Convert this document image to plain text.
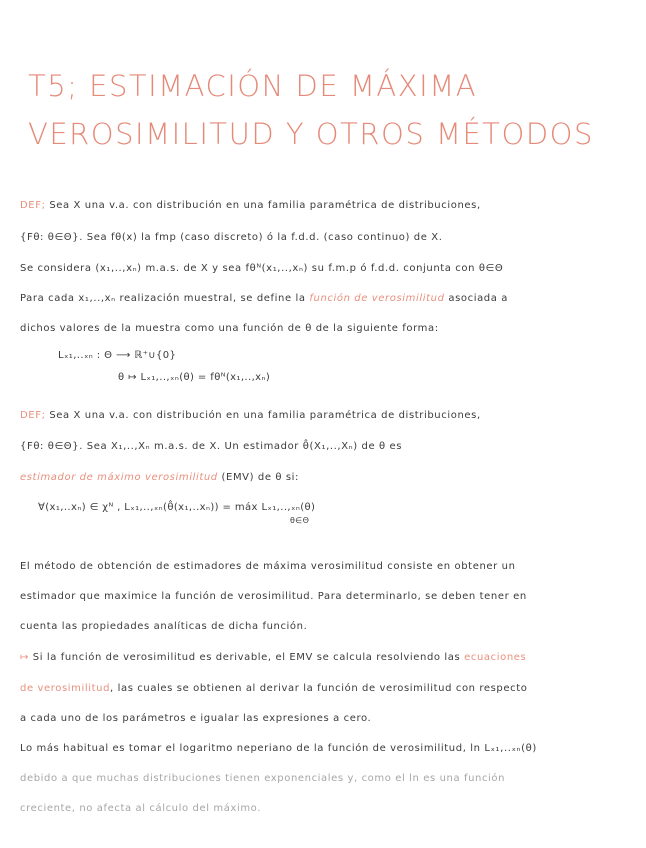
T5; ESTIMACIÓN DE MÁXIMA
VEROSIMILITUD Y OTROS MÉTODOS
DEF; Sea X una v.a. con distribución en una familia paramétrica de distribuciones,
{Fθ: θ∈Θ}. Sea fθ(x) la fmp (caso discreto) ó la f.d.d. (caso continuo) de X.
Se considera (x₁,..,xₙ) m.a.s. de X y sea fθᴺ(x₁,..,xₙ) su f.m.p ó f.d.d. conjunta con θ∈Θ
Para cada x₁,..,xₙ realización muestral, se define la función de verosimilitud asociada a
dichos valores de la muestra como una función de θ de la siguiente forma:
Lₓ₁,..ₓₙ : Θ ⟶ ℝ⁺∪{0}
θ ↦ Lₓ₁,..,ₓₙ(θ) = fθᴺ(x₁,..,xₙ)
DEF; Sea X una v.a. con distribución en una familia paramétrica de distribuciones,
{Fθ: θ∈Θ}. Sea X₁,..,Xₙ m.a.s. de X. Un estimador θ̂(X₁,..,Xₙ) de θ es
estimador de máximo verosimilitud (EMV) de θ si:
∀(x₁,..xₙ) ∈ χᴺ , Lₓ₁,..,ₓₙ(θ̂(x₁,..xₙ)) = máx Lₓ₁,..,ₓₙ(θ)
θ∈Θ
El método de obtención de estimadores de máxima verosimilitud consiste en obtener un
estimador que maximice la función de verosimilitud. Para determinarlo, se deben tener en
cuenta las propiedades analíticas de dicha función.
↦ Si la función de verosimilitud es derivable, el EMV se calcula resolviendo las ecuaciones
de verosimilitud, las cuales se obtienen al derivar la función de verosimilitud con respecto
a cada uno de los parámetros e igualar las expresiones a cero.
Lo más habitual es tomar el logaritmo neperiano de la función de verosimilitud, ln Lₓ₁,..ₓₙ(θ)
debido a que muchas distribuciones tienen exponenciales y, como el ln es una función
creciente, no afecta al cálculo del máximo.
